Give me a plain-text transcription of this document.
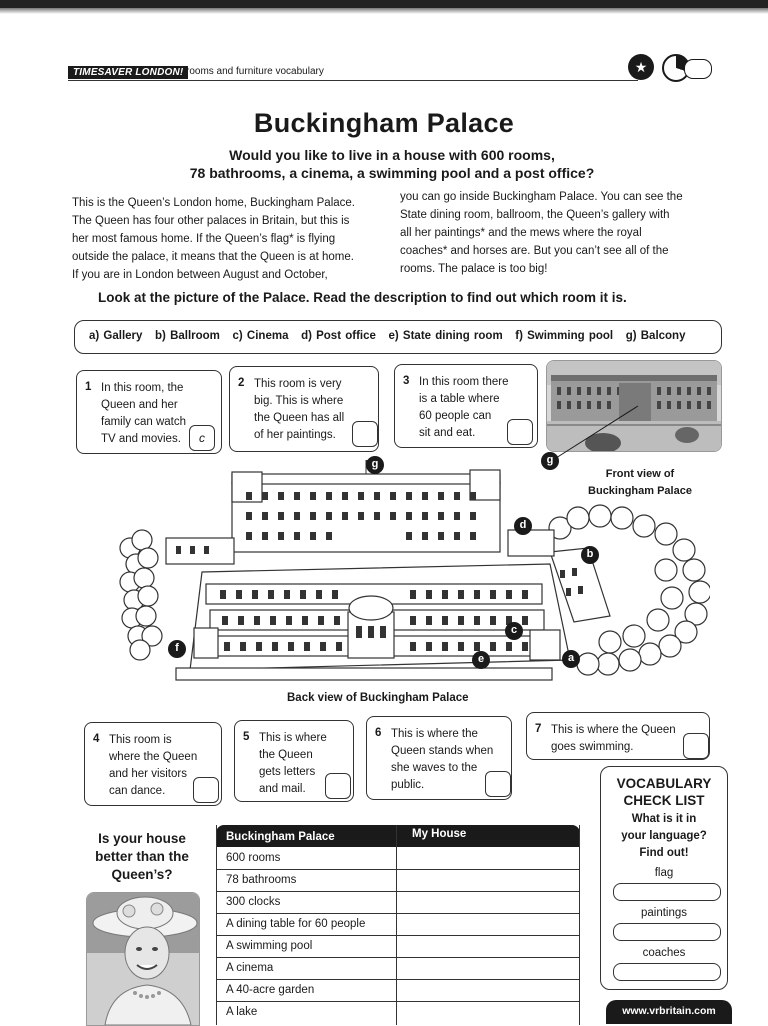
TIMESAVER LONDON! rooms and furniture vocabulary	★
Buckingham Palace
Would you like to live in a house with 600 rooms,
78 bathrooms, a cinema, a swimming pool and a post office?
This is the Queen’s London home, Buckingham Palace.
The Queen has four other palaces in Britain, but this is
her most famous home. If the Queen’s flag* is flying
outside the palace, it means that the Queen is at home.
If you are in London between August and October,
you can go inside Buckingham Palace. You can see the
State dining room, ballroom, the Queen’s gallery with
all her paintings* and the mews where the royal
coaches* and horses are. But you can’t see all of the
rooms. The palace is too big!
Look at the picture of the Palace. Read the description to find out which room it is.
a) Gallery b) Ballroom c) Cinema d) Post office e) State dining room f) Swimming pool g) Balcony
1 In this room, the
Queen and her
family can watch
TV and movies.	c
2 This room is very
big. This is where
the Queen has all
of her paintings.
3 In this room there
is a table where
60 people can
sit and eat.
g
Front view of
Buckingham Palace
g
d
b
c
a
e
f
Back view of Buckingham Palace
4 This room is
where the Queen
and her visitors
can dance.
5 This is where
the Queen
gets letters
and mail.
6 This is where the
Queen stands when
she waves to the
public.
7 This is where the Queen
goes swimming.
VOCABULARY
CHECK LIST
What is it in
your language?
Find out!
flag
paintings
coaches
Is your house
better than the
Queen’s?
Buckingham Palace	My House
600 rooms
78 bathrooms
300 clocks
A dining table for 60 people
A swimming pool
A cinema
A 40-acre garden
A lake	www.vrbritain.com
